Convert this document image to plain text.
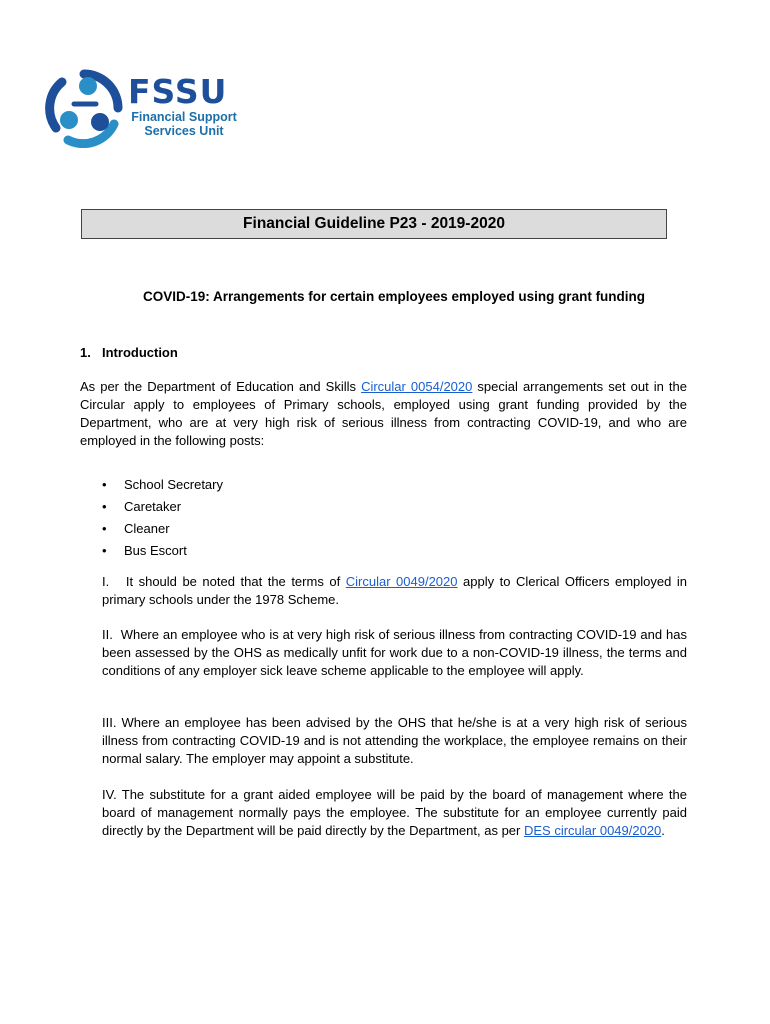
FSSU
Financial Support
Services Unit
Financial Guideline P23 - 2019-2020
COVID-19: Arrangements for certain employees employed using grant funding
1. Introduction
As per the Department of Education and Skills Circular 0054/2020 special arrangements set out in the Circular apply to employees of Primary schools, employed using grant funding provided by the Department, who are at very high risk of serious illness from contracting COVID-19, and who are employed in the following posts:
• School Secretary
• Caretaker
• Cleaner
• Bus Escort
I. It should be noted that the terms of Circular 0049/2020 apply to Clerical Officers employed in primary schools under the 1978 Scheme.
II. Where an employee who is at very high risk of serious illness from contracting COVID-19 and has been assessed by the OHS as medically unfit for work due to a non-COVID-19 illness, the terms and conditions of any employer sick leave scheme applicable to the employee will apply.
III. Where an employee has been advised by the OHS that he/she is at a very high risk of serious illness from contracting COVID-19 and is not attending the workplace, the employee remains on their normal salary. The employer may appoint a substitute.
IV. The substitute for a grant aided employee will be paid by the board of management where the board of management normally pays the employee. The substitute for an employee currently paid directly by the Department will be paid directly by the Department, as per DES circular 0049/2020.
